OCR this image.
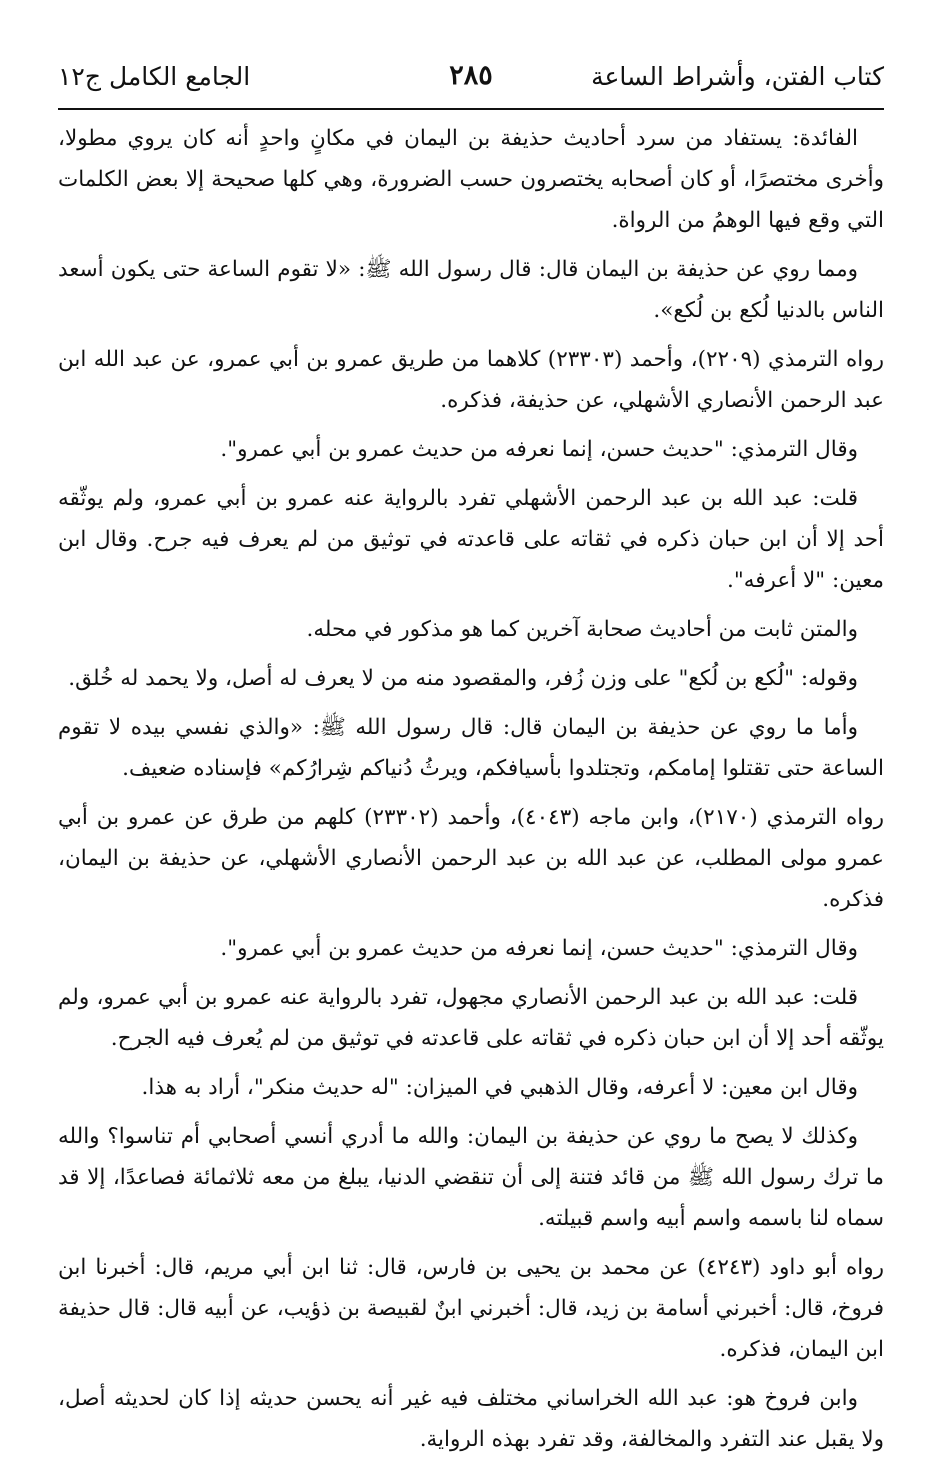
كتاب الفتن، وأشراط الساعة
٢٨٥
الجامع الكامل ج١٢

الفائدة: يستفاد من سرد أحاديث حذيفة بن اليمان في مكانٍ واحدٍ أنه كان يروي مطولا، وأخرى مختصرًا، أو كان أصحابه يختصرون حسب الضرورة، وهي كلها صحيحة إلا بعض الكلمات التي وقع فيها الوهمُ من الرواة.

ومما روي عن حذيفة بن اليمان قال: قال رسول الله ﷺ: «لا تقوم الساعة حتى يكون أسعد الناس بالدنيا لُكع بن لُكع».

رواه الترمذي (٢٢٠٩)، وأحمد (٢٣٣٠٣) كلاهما من طريق عمرو بن أبي عمرو، عن عبد الله ابن عبد الرحمن الأنصاري الأشهلي، عن حذيفة، فذكره.

وقال الترمذي: "حديث حسن، إنما نعرفه من حديث عمرو بن أبي عمرو".

قلت: عبد الله بن عبد الرحمن الأشهلي تفرد بالرواية عنه عمرو بن أبي عمرو، ولم يوثّقه أحد إلا أن ابن حبان ذكره في ثقاته على قاعدته في توثيق من لم يعرف فيه جرح. وقال ابن معين: "لا أعرفه".

والمتن ثابت من أحاديث صحابة آخرين كما هو مذكور في محله.

وقوله: "لُكع بن لُكع" على وزن زُفر، والمقصود منه من لا يعرف له أصل، ولا يحمد له خُلق.

وأما ما روي عن حذيفة بن اليمان قال: قال رسول الله ﷺ: «والذي نفسي بيده لا تقوم الساعة حتى تقتلوا إمامكم، وتجتلدوا بأسيافكم، ويرثُ دُنياكم شِرارُكم» فإسناده ضعيف.

رواه الترمذي (٢١٧٠)، وابن ماجه (٤٠٤٣)، وأحمد (٢٣٣٠٢) كلهم من طرق عن عمرو بن أبي عمرو مولى المطلب، عن عبد الله بن عبد الرحمن الأنصاري الأشهلي، عن حذيفة بن اليمان، فذكره.

وقال الترمذي: "حديث حسن، إنما نعرفه من حديث عمرو بن أبي عمرو".

قلت: عبد الله بن عبد الرحمن الأنصاري مجهول، تفرد بالرواية عنه عمرو بن أبي عمرو، ولم يوثّقه أحد إلا أن ابن حبان ذكره في ثقاته على قاعدته في توثيق من لم يُعرف فيه الجرح.

وقال ابن معين: لا أعرفه، وقال الذهبي في الميزان: "له حديث منكر"، أراد به هذا.

وكذلك لا يصح ما روي عن حذيفة بن اليمان: والله ما أدري أنسي أصحابي أم تناسوا؟ والله ما ترك رسول الله ﷺ من قائد فتنة إلى أن تنقضي الدنيا، يبلغ من معه ثلاثمائة فصاعدًا، إلا قد سماه لنا باسمه واسم أبيه واسم قبيلته.

رواه أبو داود (٤٢٤٣) عن محمد بن يحيى بن فارس، قال: ثنا ابن أبي مريم، قال: أخبرنا ابن فروخ، قال: أخبرني أسامة بن زيد، قال: أخبرني ابنٌ لقبيصة بن ذؤيب، عن أبيه قال: قال حذيفة ابن اليمان، فذكره.

وابن فروخ هو: عبد الله الخراساني مختلف فيه غير أنه يحسن حديثه إذا كان لحديثه أصل، ولا يقبل عند التفرد والمخالفة، وقد تفرد بهذه الرواية.
